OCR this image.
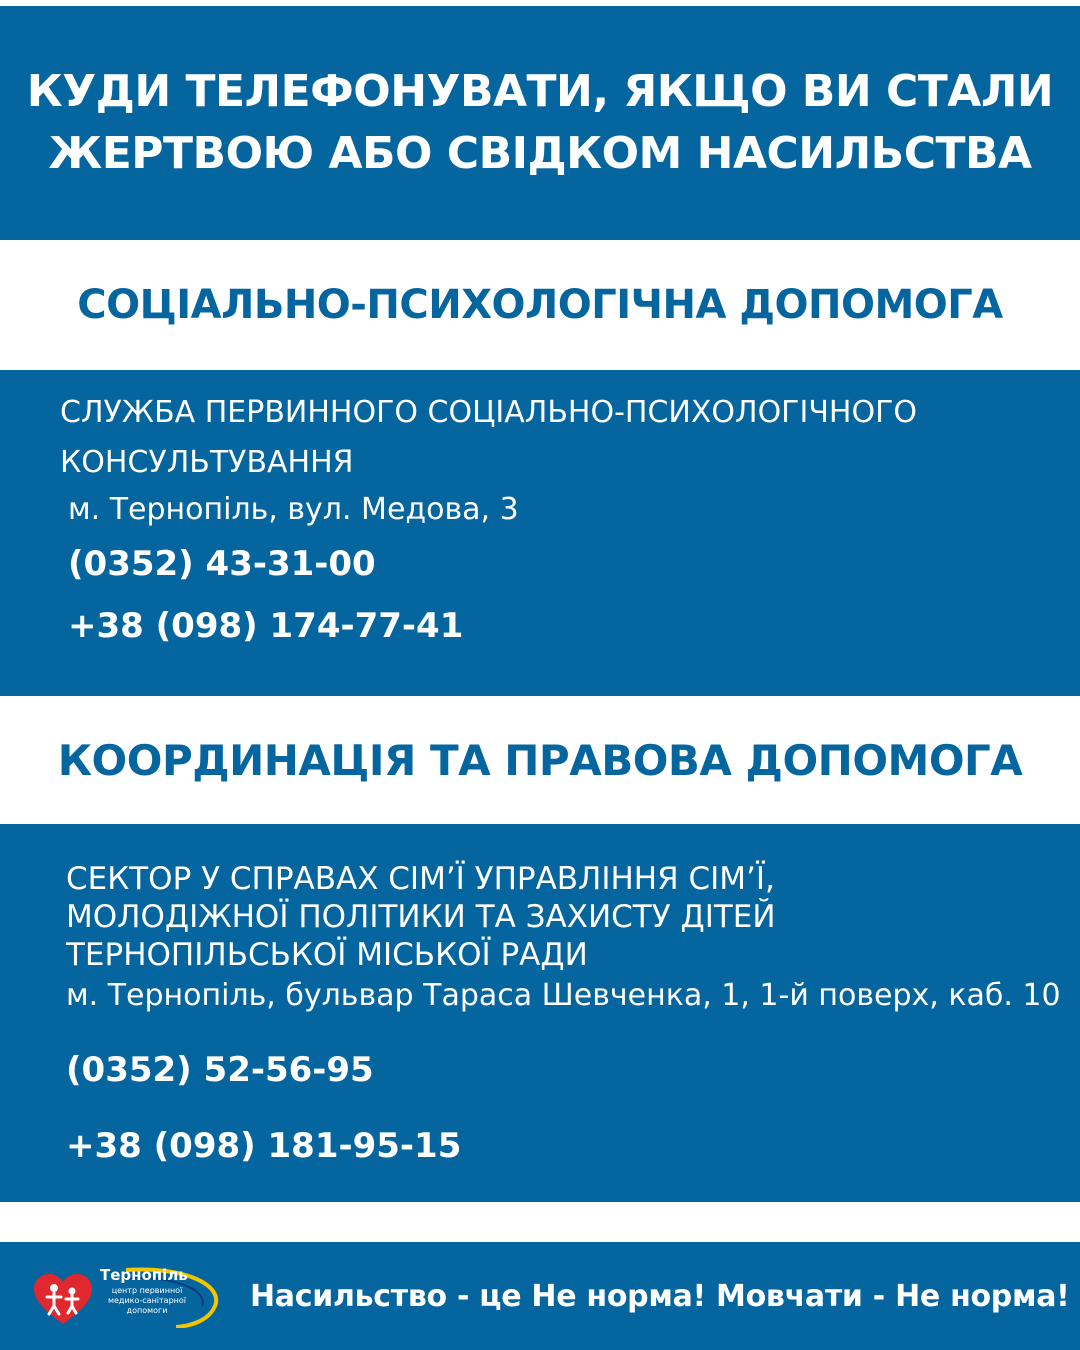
КУДИ ТЕЛЕФОНУВАТИ, ЯКЩО ВИ СТАЛИ
ЖЕРТВОЮ АБО СВІДКОМ НАСИЛЬСТВА
СОЦІАЛЬНО-ПСИХОЛОГІЧНА ДОПОМОГА

СЛУЖБА ПЕРВИННОГО СОЦІАЛЬНО-ПСИХОЛОГІЧНОГО
КОНСУЛЬТУВАННЯ

м. Тернопіль, вул. Медова, 3
(0352) 43-31-00
+38 (098) 174-77-41
КООРДИНАЦІЯ ТА ПРАВОВА ДОПОМОГА

СЕКТОР У СПРАВАХ СІМ’Ї УПРАВЛІННЯ СІМ’Ї,
МОЛОДІЖНОЇ ПОЛІТИКИ ТА ЗАХИСТУ ДІТЕЙ
ТЕРНОПІЛЬСЬКОЇ МІСЬКОЇ РАДИ

м. Тернопіль, бульвар Тараса Шевченка, 1, 1-й поверх, каб. 10
(0352) 52-56-95
+38 (098) 181-95-15
Тернопіль
центр первинної
медико-санітарної
допомоги	Насильство - це Не норма! Мовчати - Не норма!
